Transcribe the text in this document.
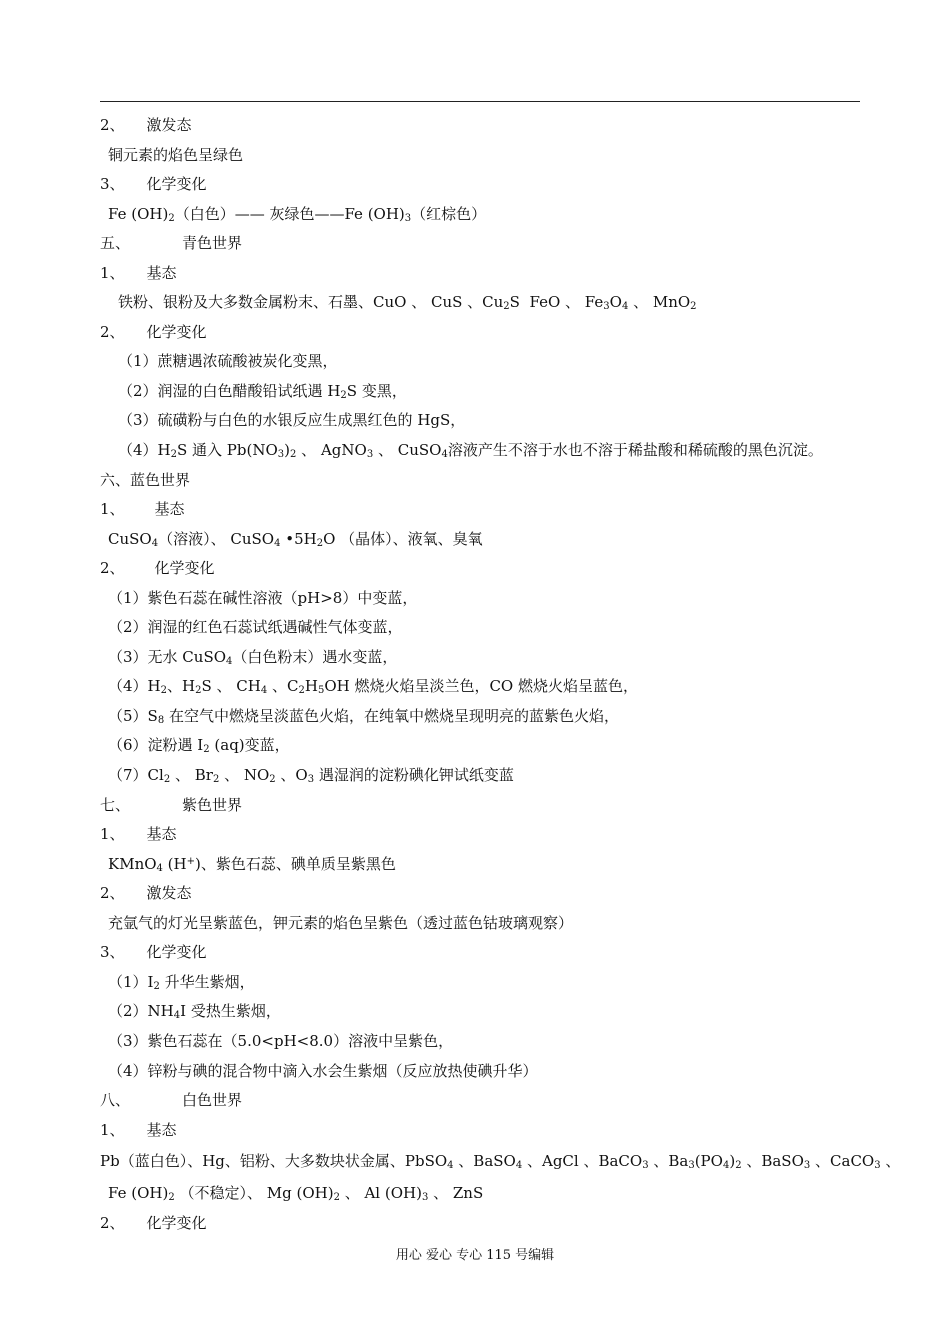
2、 激发态
铜元素的焰色呈绿色
3、 化学变化
Fe $(OH)_2$（白色）—— 灰绿色——Fe $(OH)_3$（红棕色）
五、	青色世界
1、 基态
铁粉、银粉及大多数金属粉末、石墨、CuO 、 CuS 、$Cu_2S$  FeO 、 $Fe_3O_4$ 、 MnO$_2$
2、 化学变化
（1）蔗糖遇浓硫酸被炭化变黑，
（2）润湿的白色醋酸铅试纸遇 $H_2S$ 变黑，
（3）硫磺粉与白色的水银反应生成黑红色的 HgS，
$(4)H_2S$ 通入 $Pb(NO_3)_2$ 、 AgNO$_3$ 、 CuSO$_4$溶液产生不溶于水也不溶于稀盐酸和稀硫酸的黑色沉淀。
六、蓝色世界
1、 基态
CuSO$_4$（溶液）、 CuSO$_4$ $•5H_2O$ （晶体）、液氧、臭氧
2、 化学变化
（1）紫色石蕊在碱性溶液（pH>8）中变蓝，
（2）润湿的红色石蕊试纸遇碱性气体变蓝，
（3）无水 CuSO$_4$（白色粉末）遇水变蓝，
$(4)H_2$、$H_2S$ 、 $CH_4$ 、$C_2H_5OH$ 燃烧火焰呈淡兰色，CO 燃烧火焰呈蓝色，
$(5)S_8$ 在空气中燃烧呈淡蓝色火焰，在纯氧中燃烧呈现明亮的蓝紫色火焰，
（6）淀粉遇 $I_2$ (aq)变蓝，
$(7)Cl_2$ 、 $Br_2$ 、 $NO_2$ 、$O_3$ 遇湿润的淀粉碘化钾试纸变蓝
七、	紫色世界
1、 基态
KMnO$_4$ (H+)、紫色石蕊、碘单质呈紫黑色
2、 激发态
充氩气的灯光呈紫蓝色，钾元素的焰色呈紫色（透过蓝色钴玻璃观察）
3、 化学变化
$(1)I_2$ 升华生紫烟，
$(2)NH_4I$ 受热生紫烟，
（3）紫色石蕊在（5.0<pH<8.0）溶液中呈紫色，
（4）锌粉与碘的混合物中滴入水会生紫烟（反应放热使碘升华）
八、	白色世界
1、 基态
Pb（蓝白色）、Hg、铝粉、大多数块状金属、PbSO$_4$ 、BaSO$_4$ 、AgCl 、BaCO$_3$ 、$Ba_3(PO_4)_2$ 、BaSO$_3$ 、CaCO$_3$ 、
Fe $(OH)_2$ （不稳定）、 Mg $(OH)_2$ 、 Al $(OH)_3$ 、 ZnS
2、 化学变化
用心 爱心 专心 115 号编辑
